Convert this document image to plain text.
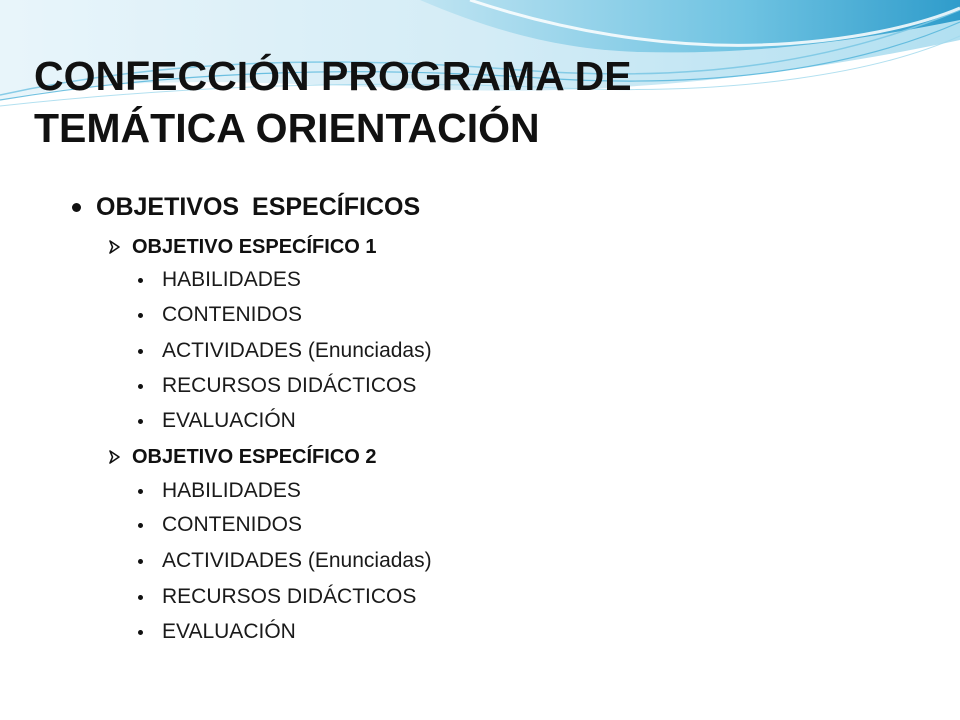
CONFECCIÓN PROGRAMA DE
TEMÁTICA ORIENTACIÓN
OBJETIVOS ESPECÍFICOS
OBJETIVO ESPECÍFICO 1
HABILIDADES
CONTENIDOS
ACTIVIDADES (Enunciadas)
RECURSOS DIDÁCTICOS
EVALUACIÓN
OBJETIVO ESPECÍFICO 2
HABILIDADES
CONTENIDOS
ACTIVIDADES (Enunciadas)
RECURSOS DIDÁCTICOS
EVALUACIÓN
